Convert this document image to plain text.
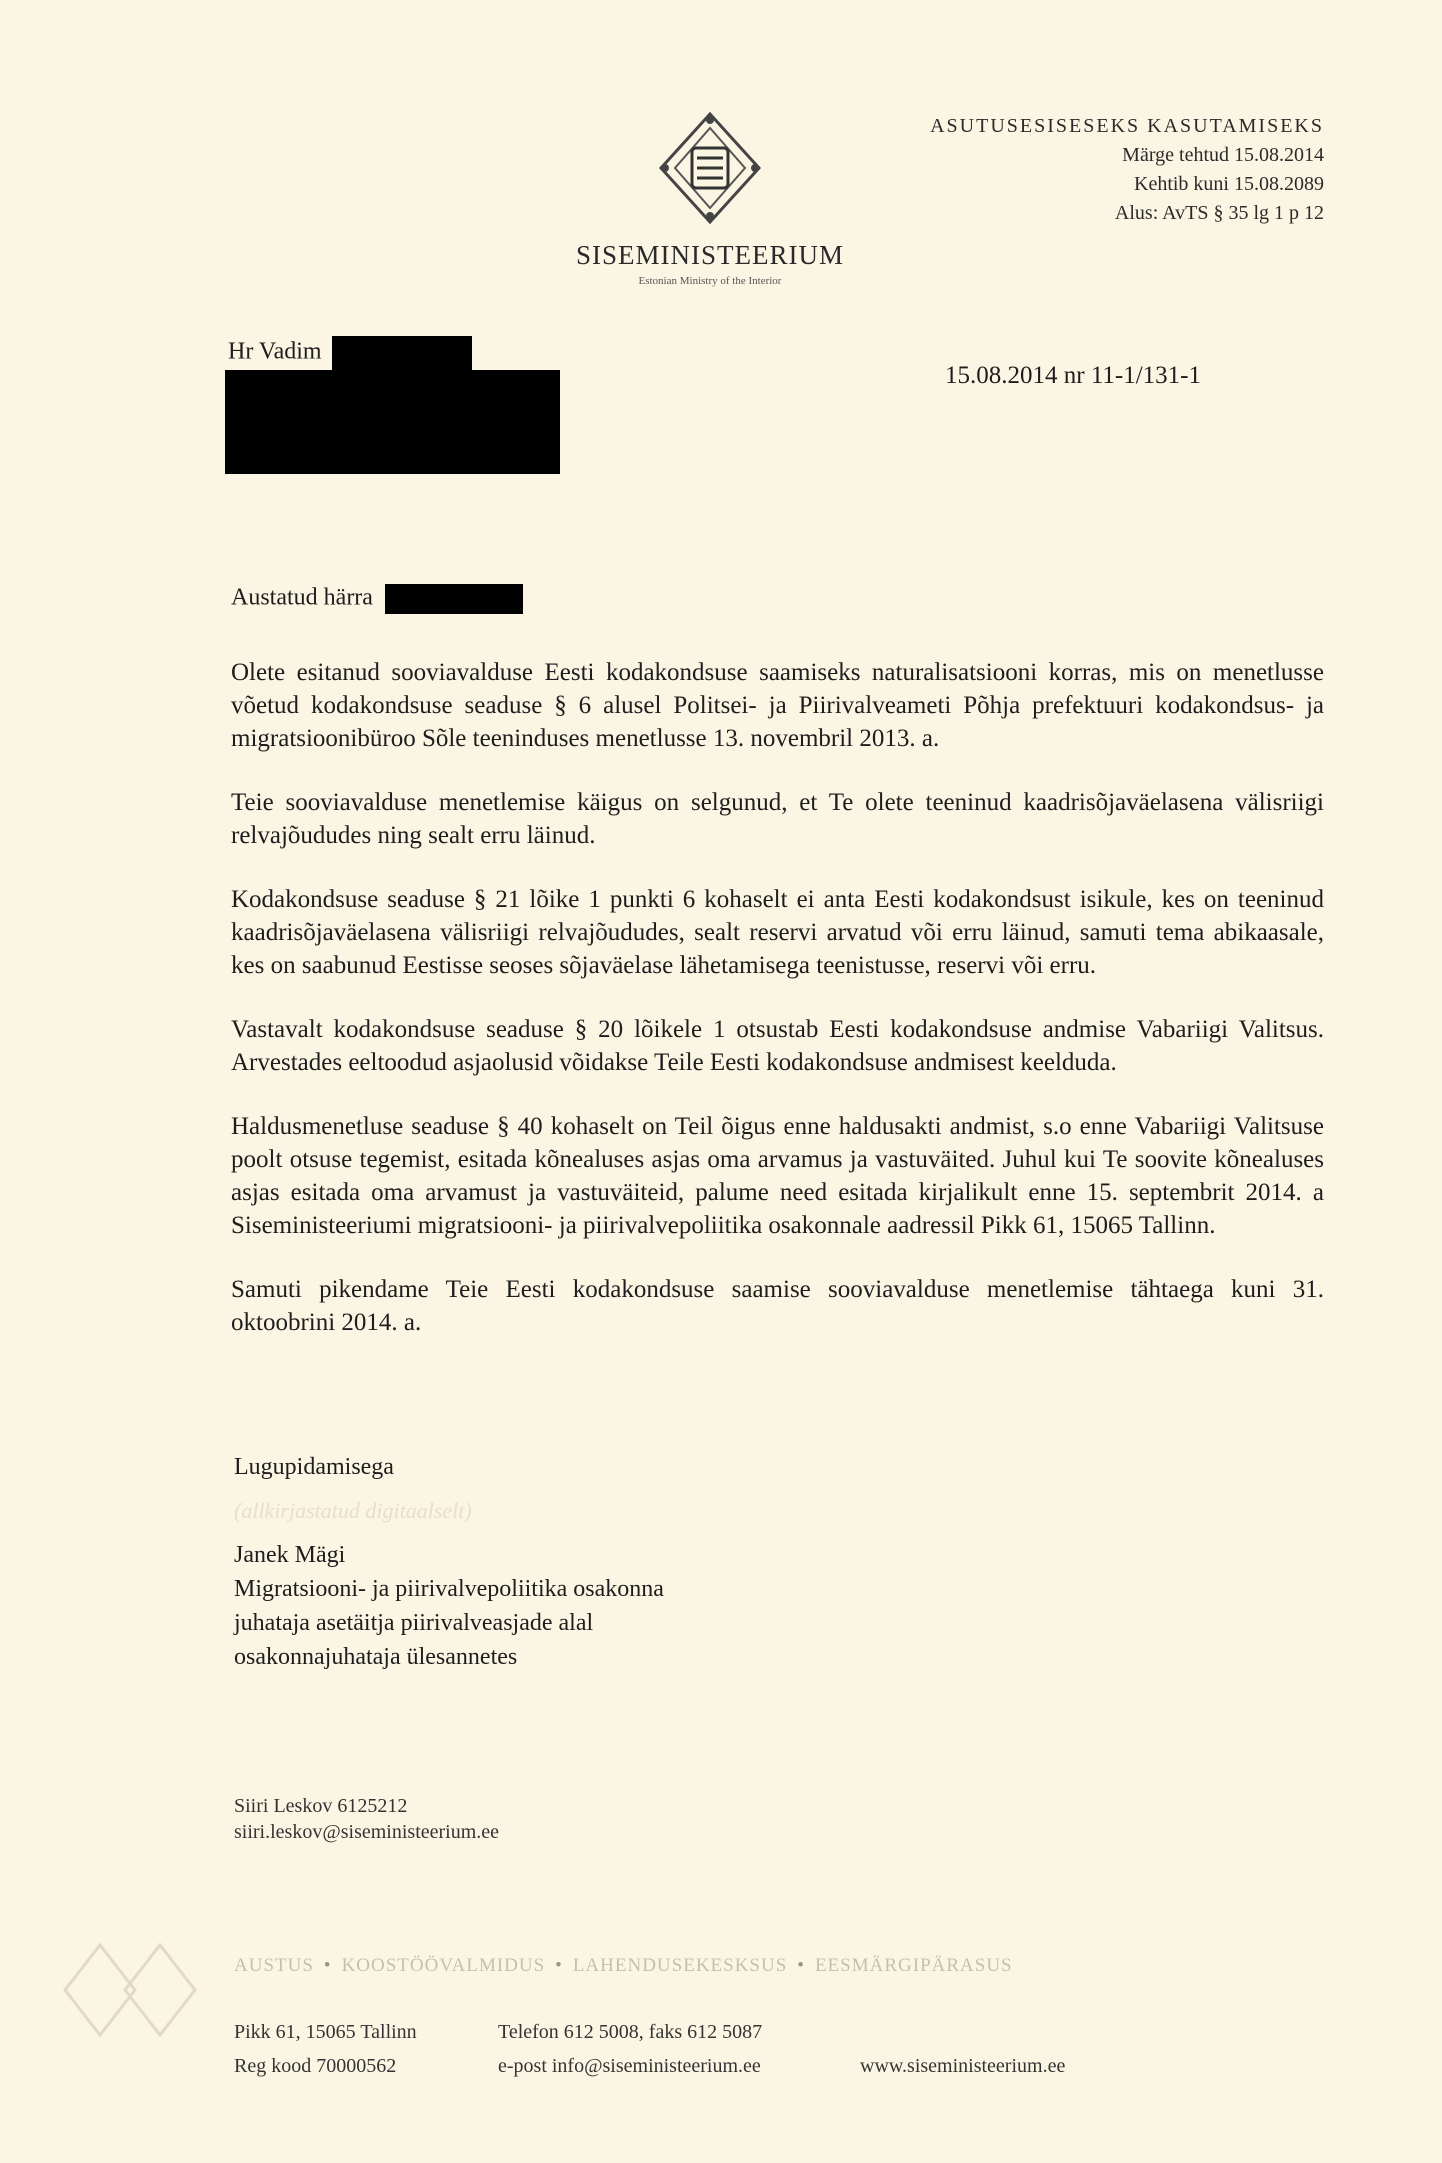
SISEMINISTEERIUM
Estonian Ministry of the Interior
ASUTUSESISESEKS KASUTAMISEKS
Märge tehtud 15.08.2014
Kehtib kuni 15.08.2089
Alus: AvTS § 35 lg 1 p 12
Hr Vadim
15.08.2014 nr 11-1/131-1
Austatud härra

Olete esitanud sooviavalduse Eesti kodakondsuse saamiseks naturalisatsiooni korras, mis on menetlusse võetud kodakondsuse seaduse § 6 alusel Politsei- ja Piirivalveameti Põhja prefektuuri kodakondsus- ja migratsioonibüroo Sõle teeninduses menetlusse 13. novembril 2013. a.

Teie sooviavalduse menetlemise käigus on selgunud, et Te olete teeninud kaadrisõjaväelasena välisriigi relvajõududes ning sealt erru läinud.

Kodakondsuse seaduse § 21 lõike 1 punkti 6 kohaselt ei anta Eesti kodakondsust isikule, kes on teeninud kaadrisõjaväelasena välisriigi relvajõududes, sealt reservi arvatud või erru läinud, samuti tema abikaasale, kes on saabunud Eestisse seoses sõjaväelase lähetamisega teenistusse, reservi või erru.

Vastavalt kodakondsuse seaduse § 20 lõikele 1 otsustab Eesti kodakondsuse andmise Vabariigi Valitsus. Arvestades eeltoodud asjaolusid võidakse Teile Eesti kodakondsuse andmisest keelduda.

Haldusmenetluse seaduse § 40 kohaselt on Teil õigus enne haldusakti andmist, s.o enne Vabariigi Valitsuse poolt otsuse tegemist, esitada kõnealuses asjas oma arvamus ja vastuväited. Juhul kui Te soovite kõnealuses asjas esitada oma arvamust ja vastuväiteid, palume need esitada kirjalikult enne 15. septembrit 2014. a Siseministeeriumi migratsiooni- ja piirivalvepoliitika osakonnale aadressil Pikk 61, 15065 Tallinn.

Samuti pikendame Teie Eesti kodakondsuse saamise sooviavalduse menetlemise tähtaega kuni 31. oktoobrini 2014. a.

Lugupidamisega
(allkirjastatud digitaalselt)
Janek Mägi
Migratsiooni- ja piirivalvepoliitika osakonna
juhataja asetäitja piirivalveasjade alal
osakonnajuhataja ülesannetes
Siiri Leskov 6125212
siiri.leskov@siseministeerium.ee
AUSTUS • KOOSTÖÖVALMIDUS • LAHENDUSEKESKSUS • EESMÄRGIPÄRASUS
Pikk 61, 15065 Tallinn
Reg kood 70000562
Telefon 612 5008, faks 612 5087
e-post info@siseministeerium.ee	www.siseministeerium.ee
